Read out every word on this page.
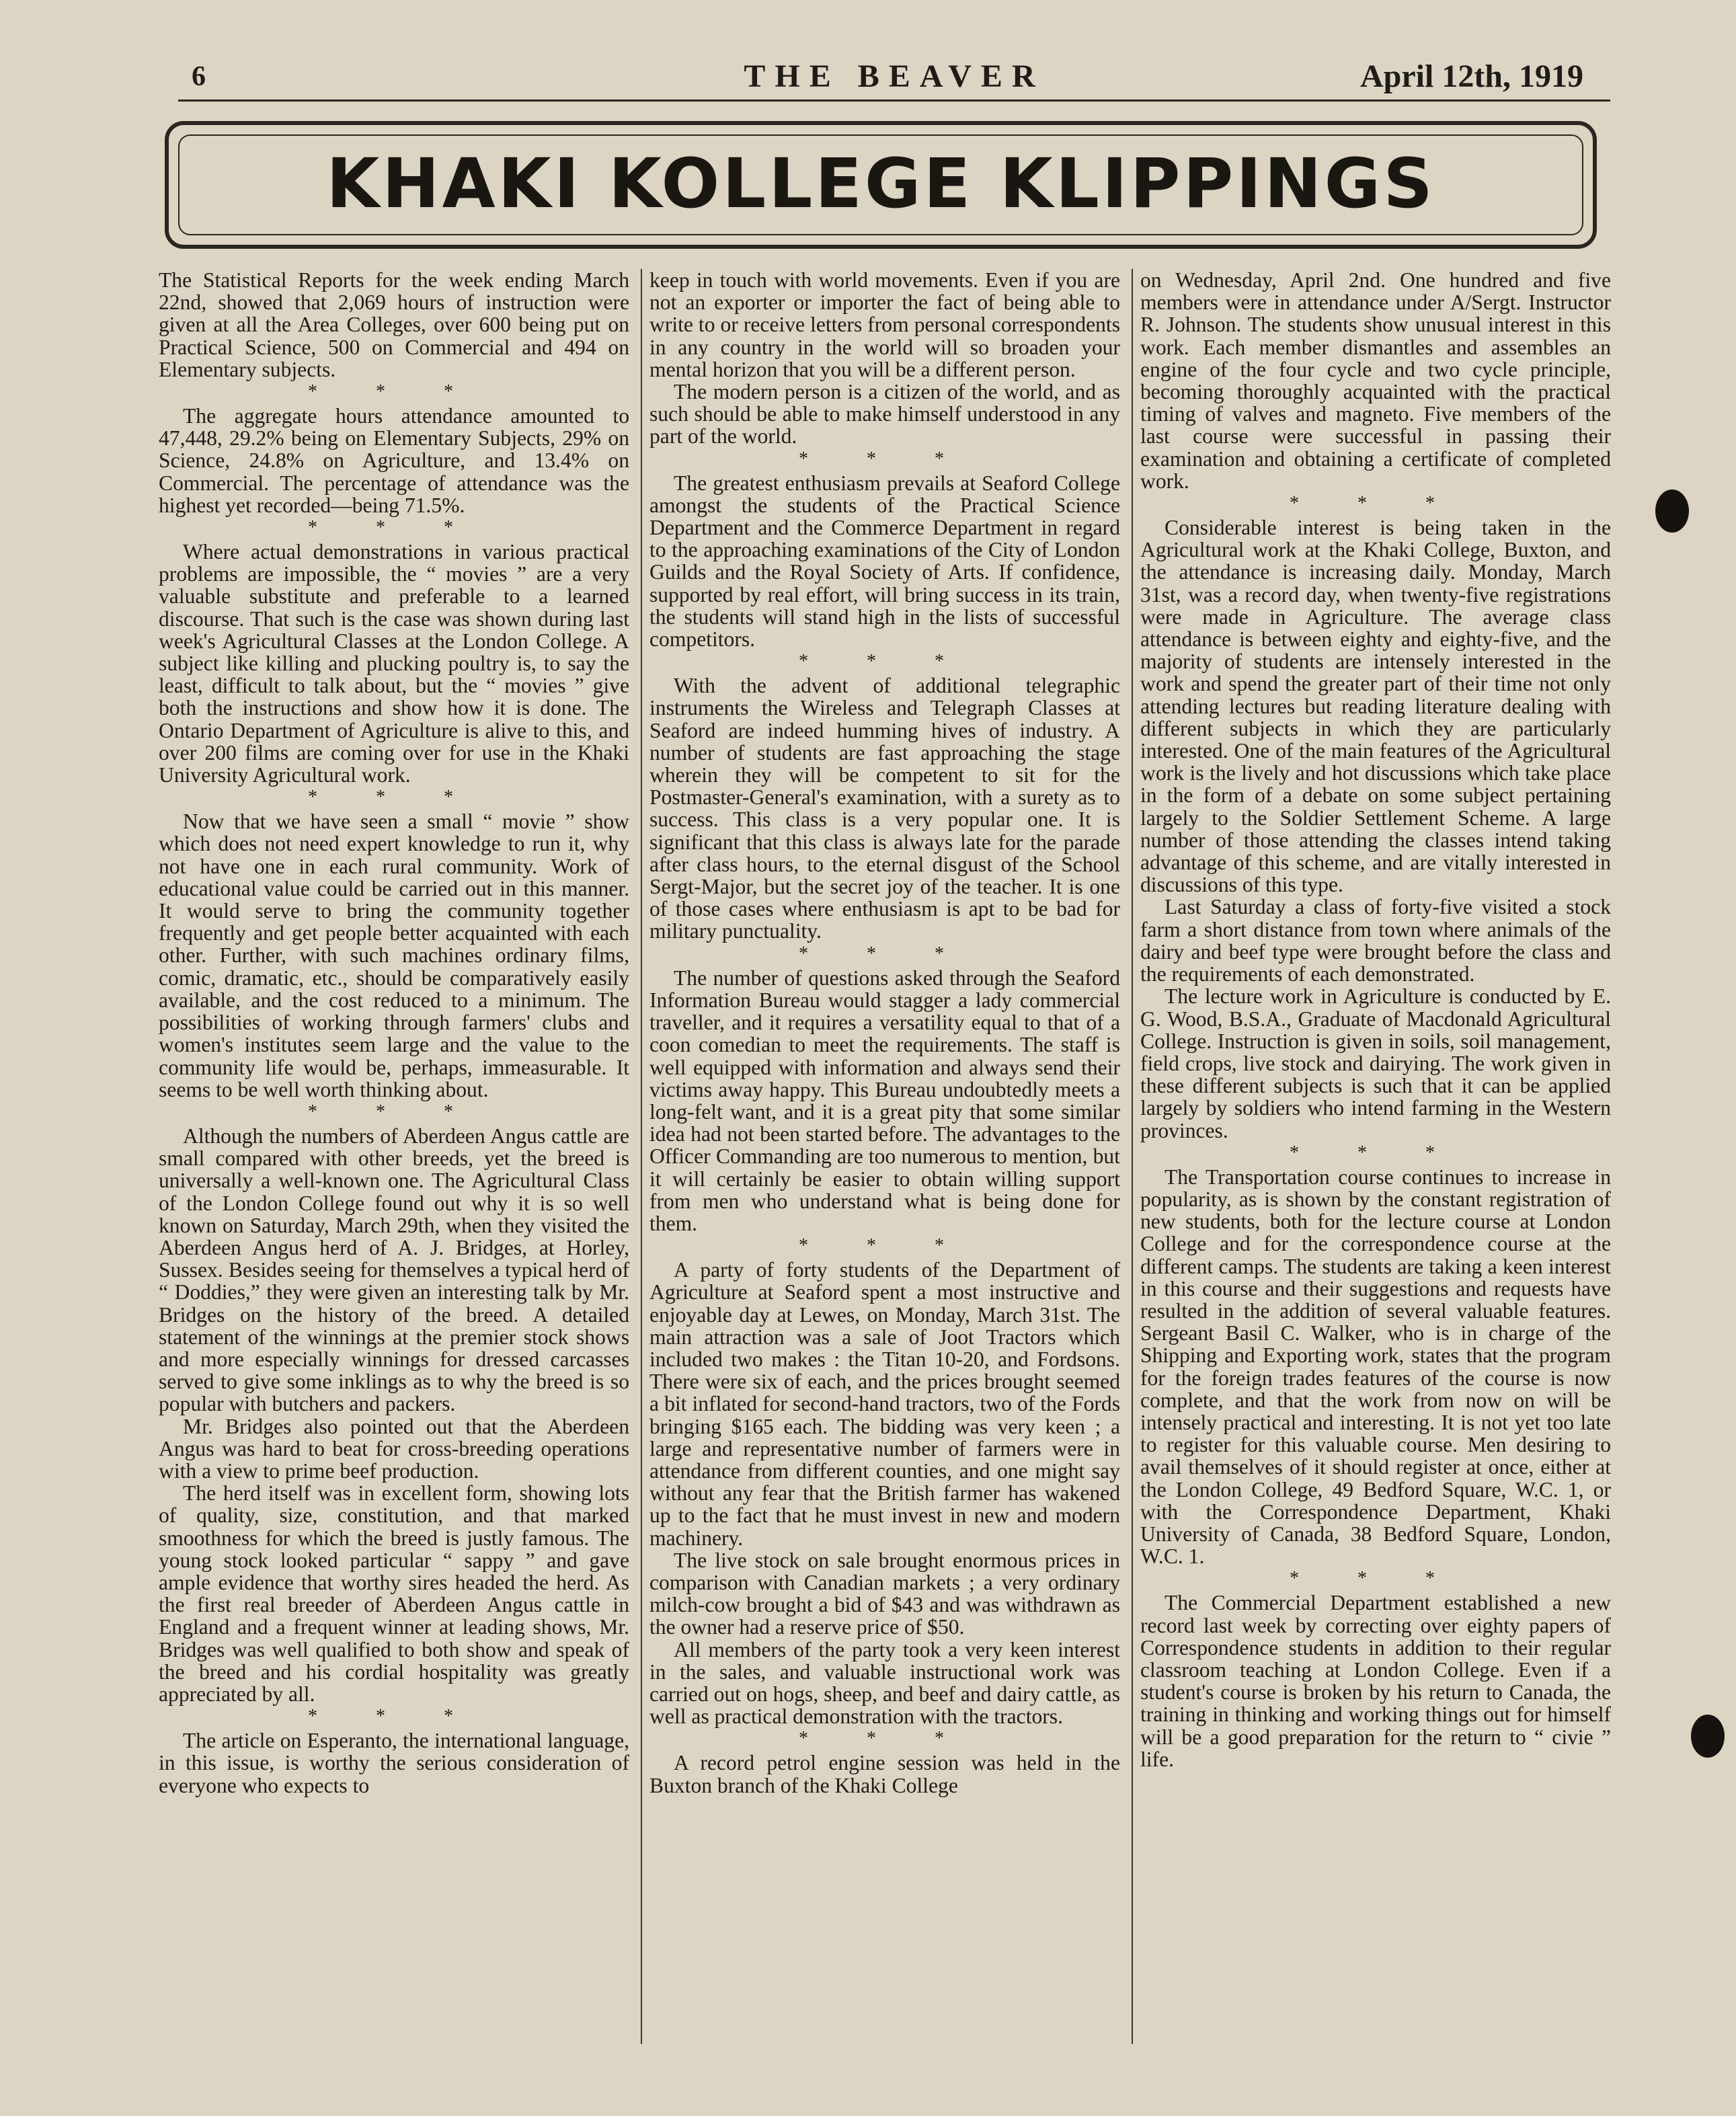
6	THE BEAVER	April 12th, 1919
KHAKI KOLLEGE KLIPPINGS

The Statistical Reports for the week ending March 22nd, showed that 2,069 hours of instruction were given at all the Area Colleges, over 600 being put on Practical Science, 500 on Commercial and 494 on Elementary subjects.

* * *

The aggregate hours attendance amounted to 47,448, 29.2% being on Elementary Subjects, 29% on Science, 24.8% on Agriculture, and 13.4% on Commercial. The percentage of attendance was the highest yet recorded—being 71.5%.

* * *

Where actual demonstrations in various practical problems are impossible, the “ movies ” are a very valuable substitute and preferable to a learned discourse. That such is the case was shown during last week's Agricultural Classes at the London College. A subject like killing and plucking poultry is, to say the least, difficult to talk about, but the “ movies ” give both the instructions and show how it is done. The Ontario Department of Agriculture is alive to this, and over 200 films are coming over for use in the Khaki University Agricultural work.

* * *

Now that we have seen a small “ movie ” show which does not need expert knowledge to run it, why not have one in each rural community. Work of educational value could be carried out in this manner. It would serve to bring the community together frequently and get people better acquainted with each other. Further, with such machines ordinary films, comic, dramatic, etc., should be comparatively easily available, and the cost reduced to a minimum. The possibilities of working through farmers' clubs and women's institutes seem large and the value to the community life would be, perhaps, immeasurable. It seems to be well worth thinking about.

* * *

Although the numbers of Aberdeen Angus cattle are small compared with other breeds, yet the breed is universally a well-known one. The Agricultural Class of the London College found out why it is so well known on Saturday, March 29th, when they visited the Aberdeen Angus herd of A. J. Bridges, at Horley, Sussex. Besides seeing for themselves a typical herd of “ Doddies,” they were given an interesting talk by Mr. Bridges on the history of the breed. A detailed statement of the winnings at the premier stock shows and more especially winnings for dressed carcasses served to give some inklings as to why the breed is so popular with butchers and packers.

Mr. Bridges also pointed out that the Aberdeen Angus was hard to beat for cross-breeding operations with a view to prime beef production.

The herd itself was in excellent form, showing lots of quality, size, constitution, and that marked smoothness for which the breed is justly famous. The young stock looked particular “ sappy ” and gave ample evidence that worthy sires headed the herd. As the first real breeder of Aberdeen Angus cattle in England and a frequent winner at leading shows, Mr. Bridges was well qualified to both show and speak of the breed and his cordial hospitality was greatly appreciated by all.

* * *

The article on Esperanto, the international language, in this issue, is worthy the serious consideration of everyone who expects to

keep in touch with world movements. Even if you are not an exporter or importer the fact of being able to write to or receive letters from personal correspondents in any country in the world will so broaden your mental horizon that you will be a different person.

The modern person is a citizen of the world, and as such should be able to make himself understood in any part of the world.

* * *

The greatest enthusiasm prevails at Seaford College amongst the students of the Practical Science Department and the Commerce Department in regard to the approaching examinations of the City of London Guilds and the Royal Society of Arts. If confidence, supported by real effort, will bring success in its train, the students will stand high in the lists of successful competitors.

* * *

With the advent of additional telegraphic instruments the Wireless and Telegraph Classes at Seaford are indeed humming hives of industry. A number of students are fast approaching the stage wherein they will be competent to sit for the Postmaster-General's examination, with a surety as to success. This class is a very popular one. It is significant that this class is always late for the parade after class hours, to the eternal disgust of the School Sergt-Major, but the secret joy of the teacher. It is one of those cases where enthusiasm is apt to be bad for military punctuality.

* * *

The number of questions asked through the Seaford Information Bureau would stagger a lady commercial traveller, and it requires a versatility equal to that of a coon comedian to meet the requirements. The staff is well equipped with information and always send their victims away happy. This Bureau undoubtedly meets a long-felt want, and it is a great pity that some similar idea had not been started before. The advantages to the Officer Commanding are too numerous to mention, but it will certainly be easier to obtain willing support from men who understand what is being done for them.

* * *

A party of forty students of the Department of Agriculture at Seaford spent a most instructive and enjoyable day at Lewes, on Monday, March 31st. The main attraction was a sale of Joot Tractors which included two makes : the Titan 10-20, and Fordsons. There were six of each, and the prices brought seemed a bit inflated for second-hand tractors, two of the Fords bringing $165 each. The bidding was very keen ; a large and representative number of farmers were in attendance from different counties, and one might say without any fear that the British farmer has wakened up to the fact that he must invest in new and modern machinery.

The live stock on sale brought enormous prices in comparison with Canadian markets ; a very ordinary milch-cow brought a bid of $43 and was withdrawn as the owner had a reserve price of $50.

All members of the party took a very keen interest in the sales, and valuable instructional work was carried out on hogs, sheep, and beef and dairy cattle, as well as practical demonstration with the tractors.

* * *

A record petrol engine session was held in the Buxton branch of the Khaki College

on Wednesday, April 2nd. One hundred and five members were in attendance under A/Sergt. Instructor R. Johnson. The students show unusual interest in this work. Each member dismantles and assembles an engine of the four cycle and two cycle principle, becoming thoroughly acquainted with the practical timing of valves and magneto. Five members of the last course were successful in passing their examination and obtaining a certificate of completed work.

* * *

Considerable interest is being taken in the Agricultural work at the Khaki College, Buxton, and the attendance is increasing daily. Monday, March 31st, was a record day, when twenty-five registrations were made in Agriculture. The average class attendance is between eighty and eighty-five, and the majority of students are intensely interested in the work and spend the greater part of their time not only attending lectures but reading literature dealing with different subjects in which they are particularly interested. One of the main features of the Agricultural work is the lively and hot discussions which take place in the form of a debate on some subject pertaining largely to the Soldier Settlement Scheme. A large number of those attending the classes intend taking advantage of this scheme, and are vitally interested in discussions of this type.

Last Saturday a class of forty-five visited a stock farm a short distance from town where animals of the dairy and beef type were brought before the class and the requirements of each demonstrated.

The lecture work in Agriculture is conducted by E. G. Wood, B.S.A., Graduate of Macdonald Agricultural College. Instruction is given in soils, soil management, field crops, live stock and dairying. The work given in these different subjects is such that it can be applied largely by soldiers who intend farming in the Western provinces.

* * *

The Transportation course continues to increase in popularity, as is shown by the constant registration of new students, both for the lecture course at London College and for the correspondence course at the different camps. The students are taking a keen interest in this course and their suggestions and requests have resulted in the addition of several valuable features. Sergeant Basil C. Walker, who is in charge of the Shipping and Exporting work, states that the program for the foreign trades features of the course is now complete, and that the work from now on will be intensely practical and interesting. It is not yet too late to register for this valuable course. Men desiring to avail themselves of it should register at once, either at the London College, 49 Bedford Square, W.C. 1, or with the Correspondence Department, Khaki University of Canada, 38 Bedford Square, London, W.C. 1.

* * *

The Commercial Department established a new record last week by correcting over eighty papers of Correspondence students in addition to their regular classroom teaching at London College. Even if a student's course is broken by his return to Canada, the training in thinking and working things out for himself will be a good preparation for the return to “ civie ” life.
